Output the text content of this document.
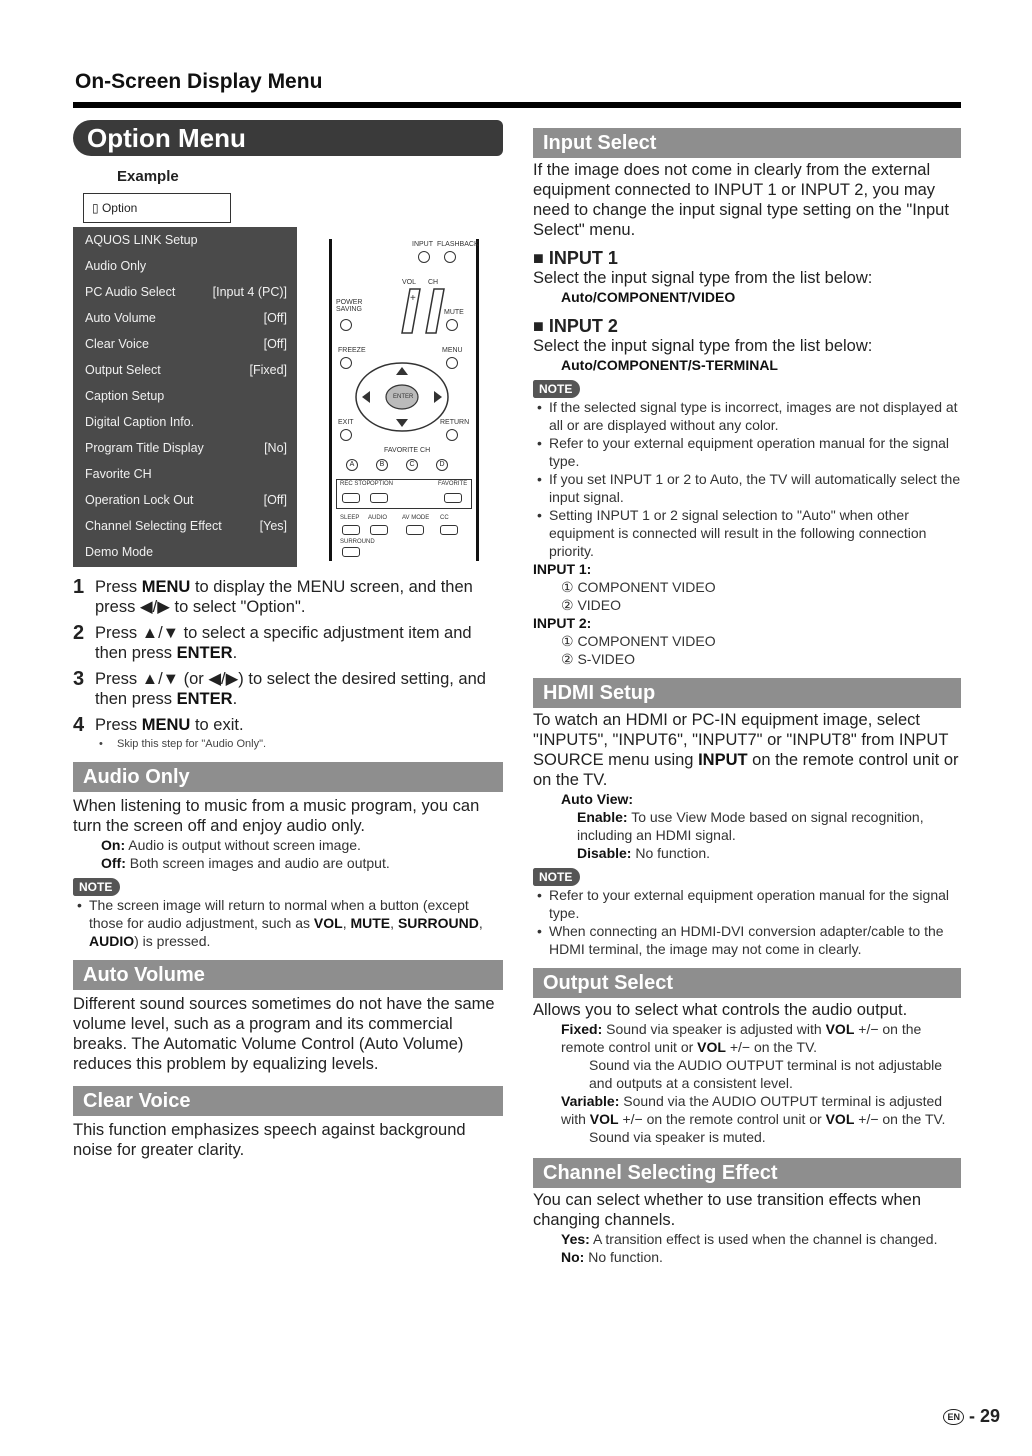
On-Screen Display Menu
Option Menu
Example
▯ Option
AQUOS LINK Setup
Audio Only
PC Audio Select	[Input 4 (PC)]
Auto Volume	[Off]
Clear Voice	[Off]
Output Select	[Fixed]
Caption Setup
Digital Caption Info.
Program Title Display	[No]
Favorite CH
Operation Lock Out	[Off]
Channel Selecting Effect	[Yes]
Demo Mode
INPUT FLASHBACK
VOL CH
+
POWER SAVING	MUTE
FREEZE	MENU
ENTER
EXIT	RETURN
FAVORITE CH
A	B	C	D
REC STOP OPTION	FAVORITE
SLEEP AUDIO AV MODE CC
SURROUND
1 Press MENU to display the MENU screen, and then press ◀/▶ to select "Option".
2 Press ▲/▼ to select a specific adjustment item and then press ENTER.
3 Press ▲/▼ (or ◀/▶) to select the desired setting, and then press ENTER.
4 Press MENU to exit.
• Skip this step for "Audio Only".
Audio Only
When listening to music from a music program, you can turn the screen off and enjoy audio only.
On: Audio is output without screen image.
Off: Both screen images and audio are output.
NOTE
• The screen image will return to normal when a button (except those for audio adjustment, such as VOL, MUTE, SURROUND, AUDIO) is pressed.
Auto Volume
Different sound sources sometimes do not have the same volume level, such as a program and its commercial breaks. The Automatic Volume Control (Auto Volume) reduces this problem by equalizing levels.
Clear Voice
This function emphasizes speech against background noise for greater clarity.
Input Select
If the image does not come in clearly from the external equipment connected to INPUT 1 or INPUT 2, you may need to change the input signal type setting on the "Input Select" menu.
■ INPUT 1
Select the input signal type from the list below:
Auto/COMPONENT/VIDEO
■ INPUT 2
Select the input signal type from the list below:
Auto/COMPONENT/S-TERMINAL
NOTE
• If the selected signal type is incorrect, images are not displayed at all or are displayed without any color.
• Refer to your external equipment operation manual for the signal type.
• If you set INPUT 1 or 2 to Auto, the TV will automatically select the input signal.
• Setting INPUT 1 or 2 signal selection to "Auto" when other equipment is connected will result in the following connection priority.
INPUT 1:
① COMPONENT VIDEO
② VIDEO
INPUT 2:
① COMPONENT VIDEO
② S-VIDEO
HDMI Setup
To watch an HDMI or PC-IN equipment image, select "INPUT5", "INPUT6", "INPUT7" or "INPUT8" from INPUT SOURCE menu using INPUT on the remote control unit or on the TV.
Auto View:
Enable: To use View Mode based on signal recognition, including an HDMI signal.
Disable: No function.
NOTE
• Refer to your external equipment operation manual for the signal type.
• When connecting an HDMI-DVI conversion adapter/cable to the HDMI terminal, the image may not come in clearly.
Output Select
Allows you to select what controls the audio output.
Fixed: Sound via speaker is adjusted with VOL +/− on the remote control unit or VOL +/− on the TV.
Sound via the AUDIO OUTPUT terminal is not adjustable and outputs at a consistent level.
Variable: Sound via the AUDIO OUTPUT terminal is adjusted with VOL +/− on the remote control unit or VOL +/− on the TV.
Sound via speaker is muted.
Channel Selecting Effect
You can select whether to use transition effects when changing channels.
Yes: A transition effect is used when the channel is changed.
No: No function.
EN - 29
